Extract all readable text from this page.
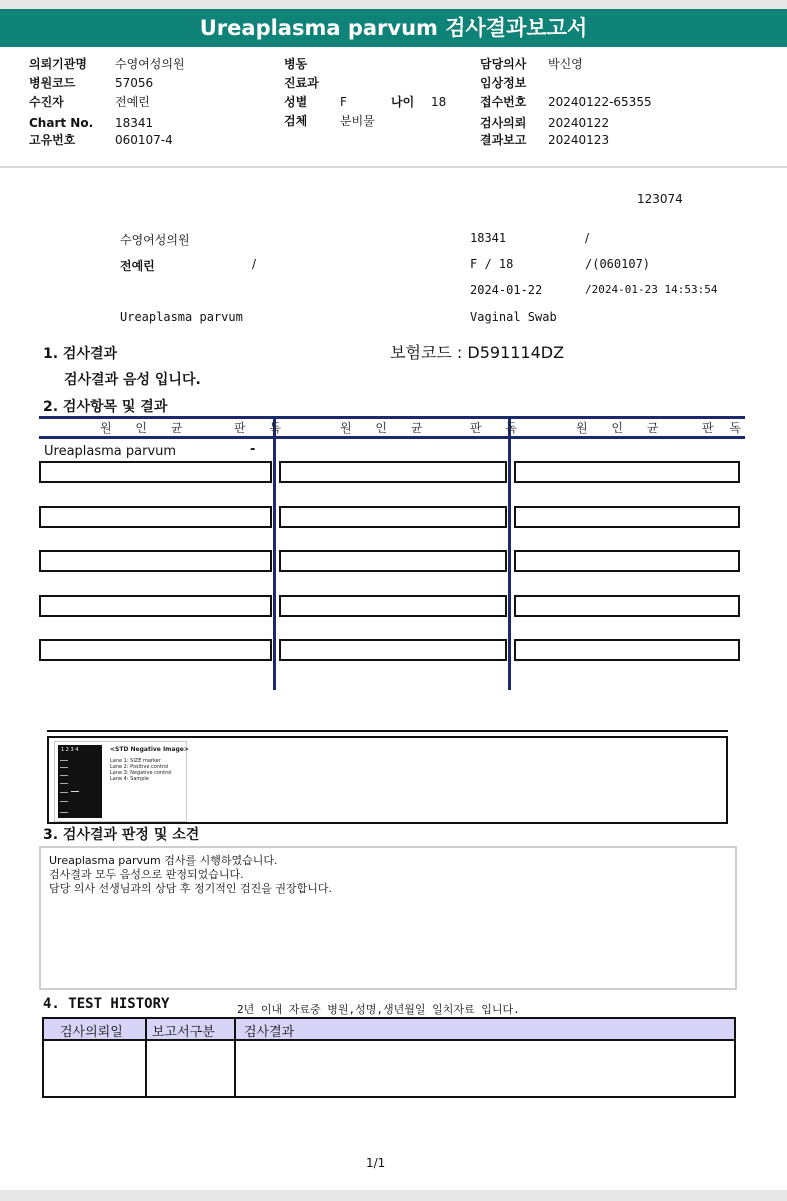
Ureaplasma parvum 검사결과보고서
의뢰기관명 수영여성의원
병원코드	57056
수진자	전예린
Chart No. 18341
고유번호	060107-4
병동
진료과
성별	F	나이 18
검체	분비물
담당의사 박신영
임상정보
접수번호 20240122-65355
검사의뢰 20240122
결과보고 20240123
123074
수영여성의원	18341	/
전예린	/	F / 18	/(060107)
2024-01-22	/2024-01-23 14:53:54
Ureaplasma parvum	Vaginal Swab
1. 검사결과	보험코드 : D591114DZ
검사결과 음성 입니다.
2. 검사항목 및 결과
원 인 균	판 독	원 인 균	판 독	원 인 균	판 독
Ureaplasma parvum	-
1 2 3 4	<STD Negative Image>
Lane 1: SIZE marker
Lane 2: Positive control
Lane 3: Negative control
Lane 4: Sample
3. 검사결과 판정 및 소견
Ureaplasma parvum 검사를 시행하였습니다.
검사결과 모두 음성으로 판정되었습니다.
담당 의사 선생님과의 상담 후 정기적인 검진을 권장합니다.
4. TEST HISTORY	2년 이내 자료중 병원,성명,생년월일 일치자료 입니다.
검사의뢰일 보고서구분 검사결과
1/1
